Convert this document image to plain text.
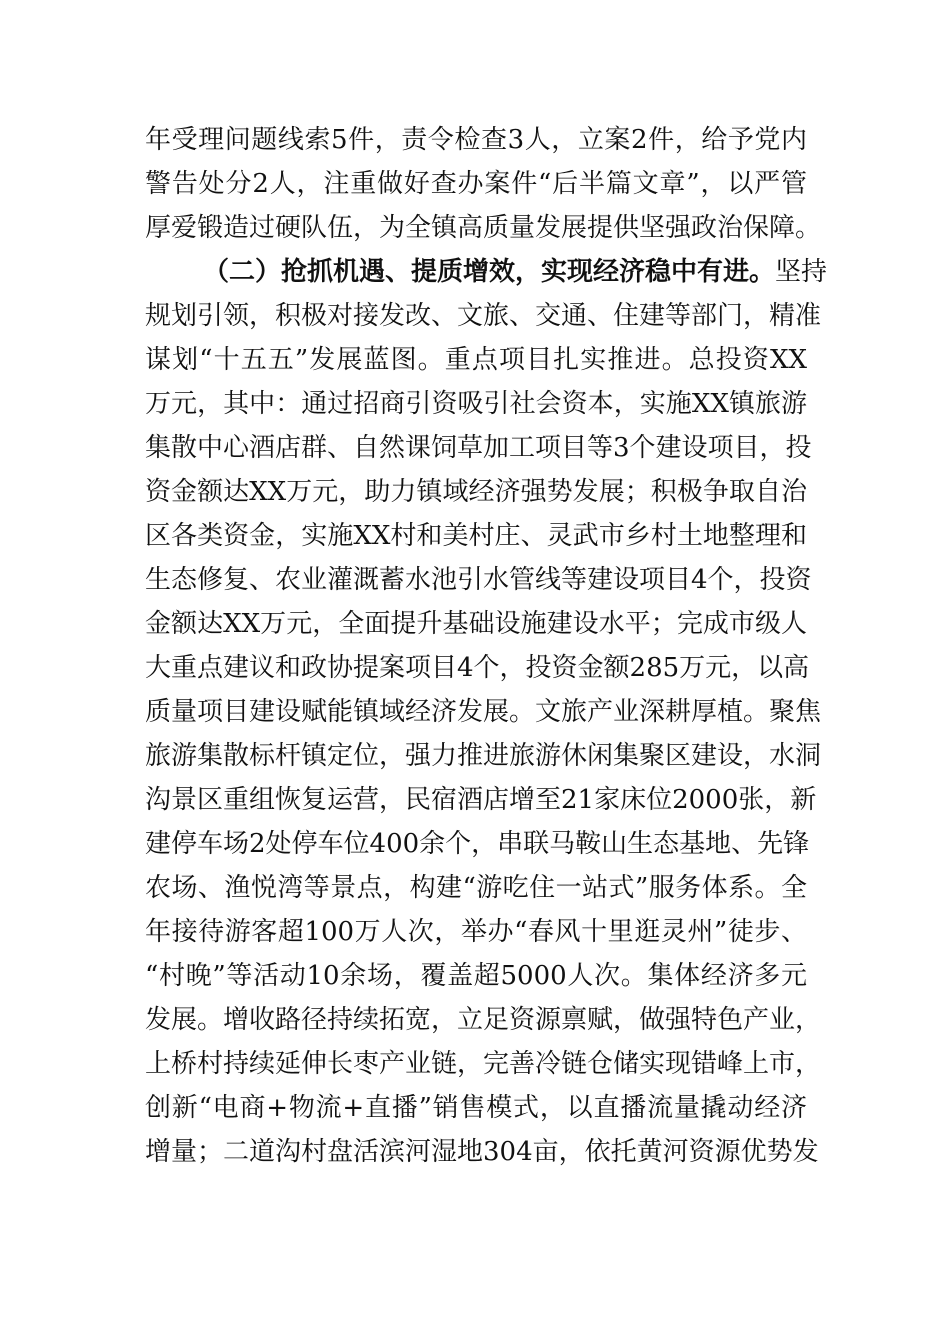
年受理问题线索5件，责令检查3人，立案2件，给予党内
警告处分2人，注重做好查办案件“后半篇文章”，以严管
厚爱锻造过硬队伍，为全镇高质量发展提供坚强政治保障。
（二）抢抓机遇、提质增效，实现经济稳中有进。坚持
规划引领，积极对接发改、文旅、交通、住建等部门，精准
谋划“十五五”发展蓝图。重点项目扎实推进。总投资XX
万元，其中：通过招商引资吸引社会资本，实施XX镇旅游
集散中心酒店群、自然课饲草加工项目等3个建设项目，投
资金额达XX万元，助力镇域经济强势发展；积极争取自治
区各类资金，实施XX村和美村庄、灵武市乡村土地整理和
生态修复、农业灌溉蓄水池引水管线等建设项目4个，投资
金额达XX万元，全面提升基础设施建设水平；完成市级人
大重点建议和政协提案项目4个，投资金额285万元，以高
质量项目建设赋能镇域经济发展。文旅产业深耕厚植。聚焦
旅游集散标杆镇定位，强力推进旅游休闲集聚区建设，水洞
沟景区重组恢复运营，民宿酒店增至21家床位2000张，新
建停车场2处停车位400余个，串联马鞍山生态基地、先锋
农场、渔悦湾等景点，构建“游吃住一站式”服务体系。全
年接待游客超100万人次，举办“春风十里逛灵州”徒步、
“村晚”等活动10余场，覆盖超5000人次。集体经济多元
发展。增收路径持续拓宽，立足资源禀赋，做强特色产业，
上桥村持续延伸长枣产业链，完善冷链仓储实现错峰上市，
创新“电商+物流+直播”销售模式，以直播流量撬动经济
增量；二道沟村盘活滨河湿地304亩，依托黄河资源优势发
